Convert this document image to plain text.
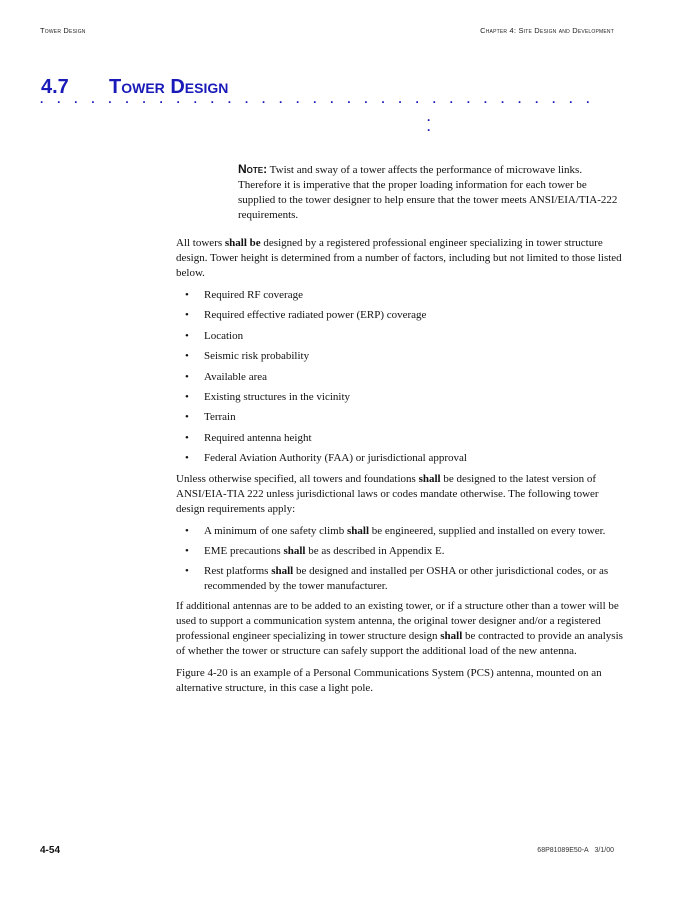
Tower Design	Chapter 4: Site Design and Development
4.7 Tower Design
. . . . . . . . . . . . . . . . . . . . . . . . . . . . . . . . .
.
.
Note: Twist and sway of a tower affects the performance of microwave links. Therefore it is imperative that the proper loading information for each tower be supplied to the tower designer to help ensure that the tower meets ANSI/EIA/TIA-222 requirements.

All towers shall be designed by a registered professional engineer specializing in tower structure design. Tower height is determined from a number of factors, including but not limited to those listed below.

• Required RF coverage
• Required effective radiated power (ERP) coverage
• Location
• Seismic risk probability
• Available area
• Existing structures in the vicinity
• Terrain
• Required antenna height
• Federal Aviation Authority (FAA) or jurisdictional approval

Unless otherwise specified, all towers and foundations shall be designed to the latest version of ANSI/EIA-TIA 222 unless jurisdictional laws or codes mandate otherwise. The following tower design requirements apply:

• A minimum of one safety climb shall be engineered, supplied and installed on every tower.
• EME precautions shall be as described in Appendix E.
• Rest platforms shall be designed and installed per OSHA or other jurisdictional codes, or as recommended by the tower manufacturer.

If additional antennas are to be added to an existing tower, or if a structure other than a tower will be used to support a communication system antenna, the original tower designer and/or a registered professional engineer specializing in tower structure design shall be contracted to provide an analysis of whether the tower or structure can safely support the additional load of the new antenna.

Figure 4-20 is an example of a Personal Communications System (PCS) antenna, mounted on an alternative structure, in this case a light pole.

4-54	68P81089E50-A 3/1/00
